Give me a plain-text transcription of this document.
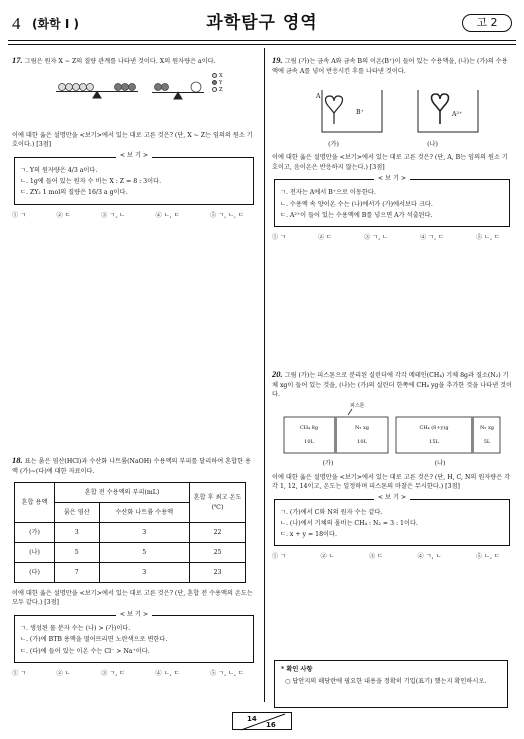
4 (화학 I )	과학탐구 영역	고 2
17. 그림은 원자 X ~ Z의 질량 관계를 나타낸 것이다. X의 원자량은 a이다.
X
Y
Z
이에 대한 옳은 설명만을 <보기>에서 있는 대로 고른 것은? (단, X ~ Z는 임의의 원소 기호이다.) [3점]
< 보 기 >
ㄱ. Y의 원자량은 4/3 a이다.
ㄴ. 1g에 들어 있는 원자 수 비는 X : Z = 8 : 3이다.
ㄷ. ZY₂ 1 mol의 질량은 16/3 a g이다.
① ㄱ	② ㄷ	③ ㄱ, ㄴ	④ ㄴ, ㄷ	⑤ ㄱ, ㄴ, ㄷ
18. 표는 묽은 염산(HCl)과 수산화 나트륨(NaOH) 수용액의 부피를 달리하여 혼합한 용액 (가)~(다)에 대한 자료이다.
혼합 용액	혼합 전 수용액의 부피(mL)		혼합 후 최고 온도(℃)
	묽은 염산	수산화 나트륨 수용액	
(가)	3	3	22
(나)	5	5	25
(다)	7	3	23
이에 대한 옳은 설명만을 <보기>에서 있는 대로 고른 것은? (단, 혼합 전 수용액의 온도는 모두 같다.) [3점]
< 보 기 >
ㄱ. 생성된 물 분자 수는 (나) > (가)이다.
ㄴ. (가)에 BTB 용액을 떨어뜨리면 노란색으로 변한다.
ㄷ. (다)에 들어 있는 이온 수는 Cl⁻ > Na⁺이다.
① ㄱ	② ㄴ	③ ㄱ, ㄷ	④ ㄴ, ㄷ	⑤ ㄱ, ㄴ, ㄷ
19. 그림 (가)는 금속 A와 금속 B의 이온(B⁺)이 들어 있는 수용액을, (나)는 (가)의 수용액에 금속 A를 넣어 반응시킨 후를 나타낸 것이다.
A
B⁺	A²⁺
(가)	(나)
이에 대한 옳은 설명만을 <보기>에서 있는 대로 고른 것은? (단, A, B는 임의의 원소 기호이고, 음이온은 반응하지 않는다.) [3점]
< 보 기 >
ㄱ. 전자는 A에서 B⁺으로 이동한다.
ㄴ. 수용액 속 양이온 수는 (나)에서가 (가)에서보다 크다.
ㄷ. A²⁺이 들어 있는 수용액에 B를 넣으면 A가 석출된다.
① ㄱ	② ㄷ	③ ㄱ, ㄴ	④ ㄱ, ㄷ	⑤ ㄴ, ㄷ
20. 그림 (가)는 피스톤으로 분리된 실린더에 각각 메테인(CH₄) 기체 8g과 질소(N₂) 기체 xg이 들어 있는 것을, (나)는 (가)의 실린더 한쪽에 CH₄ yg을 추가한 것을 나타낸 것이다.
피스톤
CH₄ 8g
10L
N₂ xg
10L
CH₄ (8+y)g
15L
N₂ xg
5L
(가)	(나)
이에 대한 옳은 설명만을 <보기>에서 있는 대로 고른 것은? (단, H, C, N의 원자량은 각각 1, 12, 14이고, 온도는 일정하며 피스톤의 마찰은 무시한다.) [3점]
< 보 기 >
ㄱ. (가)에서 C와 N의 원자 수는 같다.
ㄴ. (나)에서 기체의 몰비는 CH₄ : N₂ = 3 : 1이다.
ㄷ. x + y = 18이다.
① ㄱ	② ㄴ	③ ㄷ	④ ㄱ, ㄴ	⑤ ㄴ, ㄷ
* 확인 사항
○ 답안지의 해당란에 필요한 내용을 정확히 기입(표기) 했는지 확인하시오.
14
16
